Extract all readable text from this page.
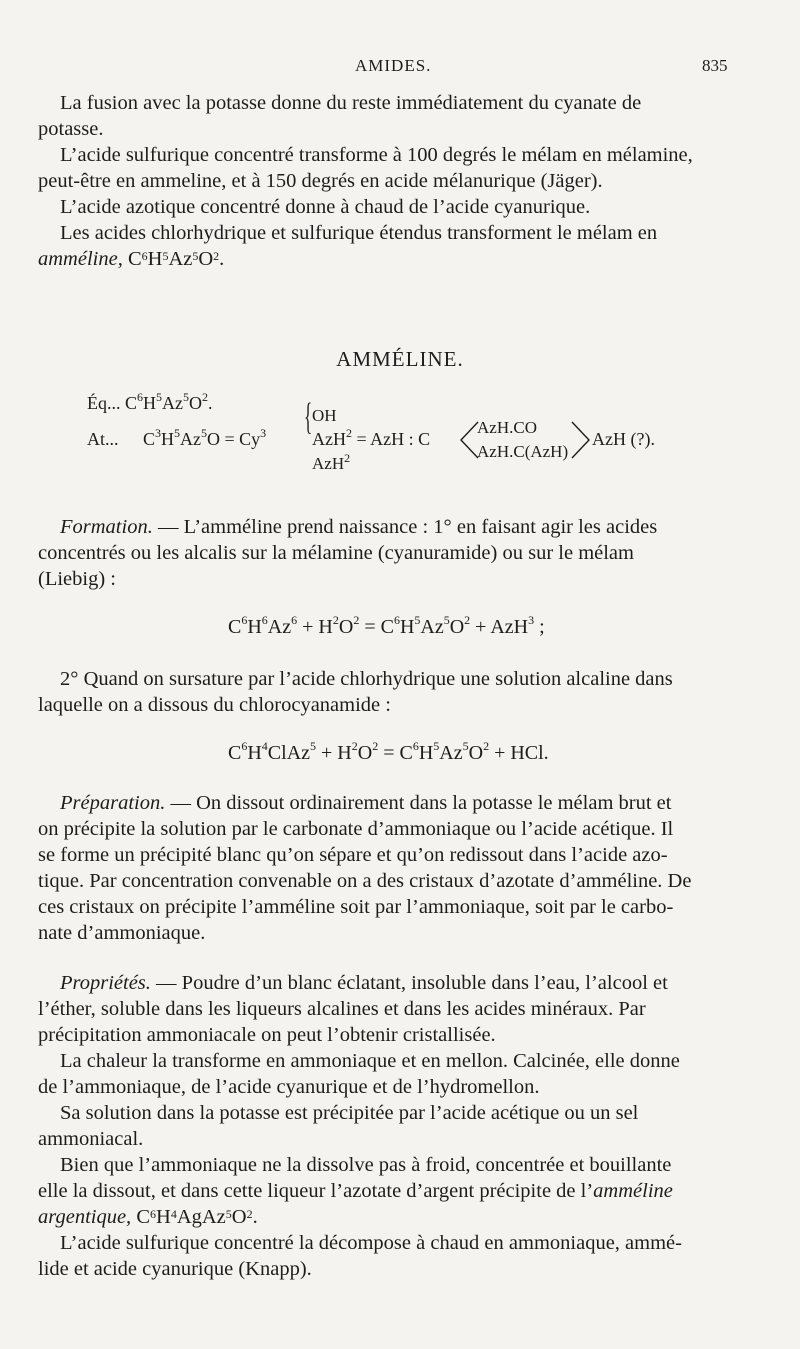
AMIDES.	835
La fusion avec la potasse donne du reste immédiatement du cyanate de
potasse.
L’acide sulfurique concentré transforme à 100 degrés le mélam en mélamine,
peut-être en ammeline, et à 150 degrés en acide mélanurique (Jäger).
L’acide azotique concentré donne à chaud de l’acide cyanurique.
Les acides chlorhydrique et sulfurique étendus transforment le mélam en
amméline, $C^6H^5Az^5O^2$.
AMMÉLINE.
Éq... $C^6H^5Az^5O^2$.
At... $C^3H^5Az^5O = Cy^3$ { OH
AzH$^2$ = AzH : C
AzH$^2$
AzH.CO
AzH.C(AzH)
AzH (?).
Formation. — L’amméline prend naissance : 1° en faisant agir les acides
concentrés ou les alcalis sur la mélamine (cyanuramide) ou sur le mélam
(Liebig) :
$C^6H^6Az^6 + H^2O^2 = C^6H^5Az^5O^2 + AzH^3$ ;
2° Quand on sursature par l’acide chlorhydrique une solution alcaline dans
laquelle on a dissous du chlorocyanamide :
$C^6H^4ClAz^5 + H^2O^2 = C^6H^5Az^5O^2$ + HCl.
Préparation. — On dissout ordinairement dans la potasse le mélam brut et
on précipite la solution par le carbonate d’ammoniaque ou l’acide acétique. Il
se forme un précipité blanc qu’on sépare et qu’on redissout dans l’acide azo-
tique. Par concentration convenable on a des cristaux d’azotate d’amméline. De
ces cristaux on précipite l’amméline soit par l’ammoniaque, soit par le carbo-
nate d’ammoniaque.
Propriétés. — Poudre d’un blanc éclatant, insoluble dans l’eau, l’alcool et
l’éther, soluble dans les liqueurs alcalines et dans les acides minéraux. Par
précipitation ammoniacale on peut l’obtenir cristallisée.
La chaleur la transforme en ammoniaque et en mellon. Calcinée, elle donne
de l’ammoniaque, de l’acide cyanurique et de l’hydromellon.
Sa solution dans la potasse est précipitée par l’acide acétique ou un sel
ammoniacal.
Bien que l’ammoniaque ne la dissolve pas à froid, concentrée et bouillante
elle la dissout, et dans cette liqueur l’azotate d’argent précipite de l’amméline
argentique, $C^6H^4AgAz^5O^2$.
L’acide sulfurique concentré la décompose à chaud en ammoniaque, ammé-
lide et acide cyanurique (Knapp).
